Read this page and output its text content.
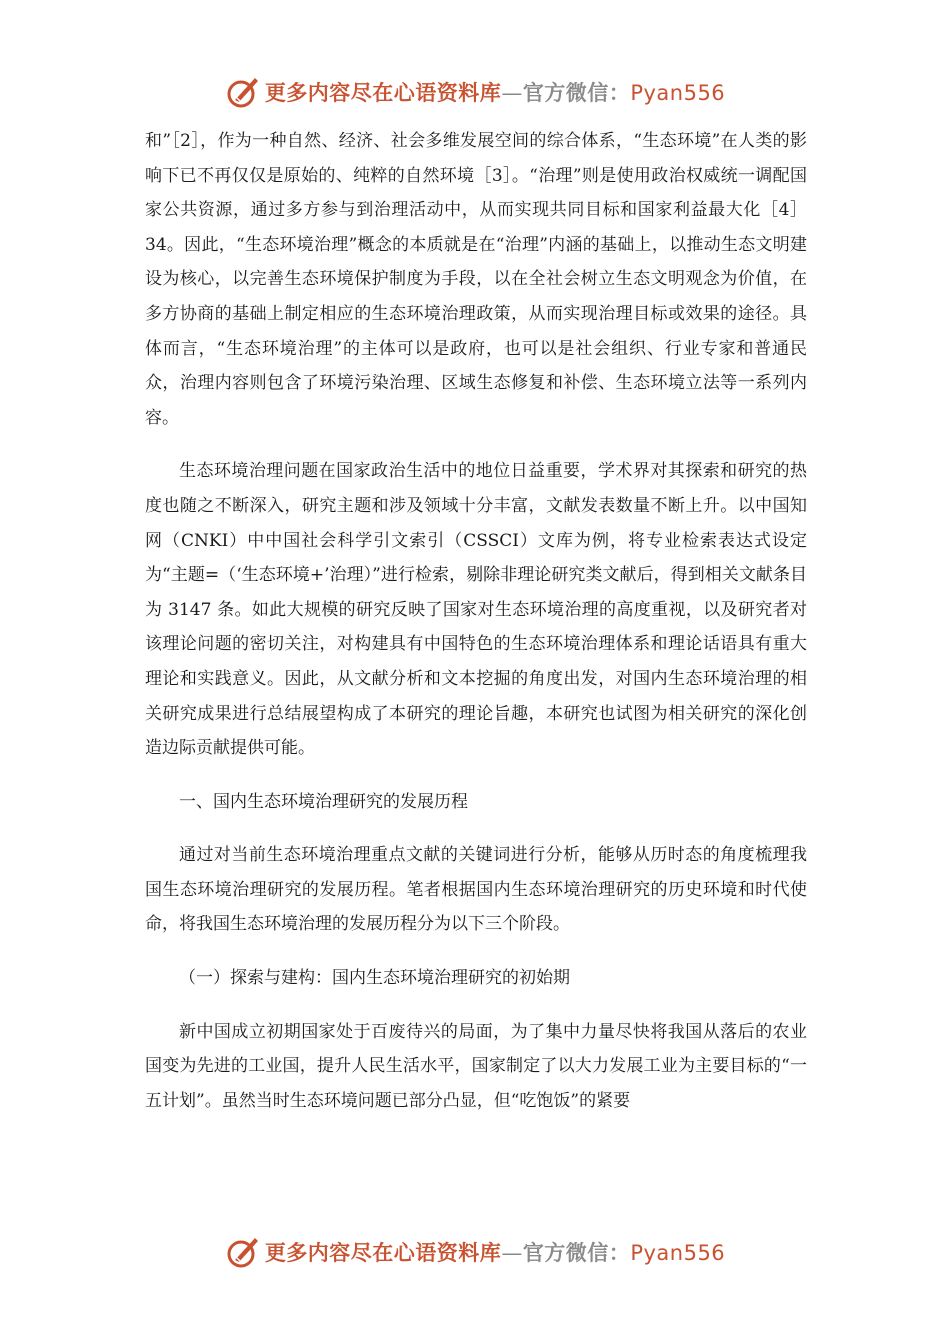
更多内容尽在心语资料库—官方微信：Pyan556

和”［2］，作为一种自然、经济、社会多维发展空间的综合体系，“生态环境”在人类的影响下已不再仅仅是原始的、纯粹的自然环境［3］。“治理”则是使用政治权威统一调配国家公共资源，通过多方参与到治理活动中，从而实现共同目标和国家利益最大化［4］34。因此，“生态环境治理”概念的本质就是在“治理”内涵的基础上，以推动生态文明建设为核心，以完善生态环境保护制度为手段，以在全社会树立生态文明观念为价值，在多方协商的基础上制定相应的生态环境治理政策，从而实现治理目标或效果的途径。具体而言，“生态环境治理”的主体可以是政府，也可以是社会组织、行业专家和普通民众，治理内容则包含了环境污染治理、区域生态修复和补偿、生态环境立法等一系列内容。

生态环境治理问题在国家政治生活中的地位日益重要，学术界对其探索和研究的热度也随之不断深入，研究主题和涉及领域十分丰富，文献发表数量不断上升。以中国知网（CNKI）中中国社会科学引文索引（CSSCI）文库为例，将专业检索表达式设定为“主题=（‘生态环境+’治理）”进行检索，剔除非理论研究类文献后，得到相关文献条目为 3147 条。如此大规模的研究反映了国家对生态环境治理的高度重视，以及研究者对该理论问题的密切关注，对构建具有中国特色的生态环境治理体系和理论话语具有重大理论和实践意义。因此，从文献分析和文本挖掘的角度出发，对国内生态环境治理的相关研究成果进行总结展望构成了本研究的理论旨趣，本研究也试图为相关研究的深化创造边际贡献提供可能。

一、国内生态环境治理研究的发展历程

通过对当前生态环境治理重点文献的关键词进行分析，能够从历时态的角度梳理我国生态环境治理研究的发展历程。笔者根据国内生态环境治理研究的历史环境和时代使命，将我国生态环境治理的发展历程分为以下三个阶段。

（一）探索与建构：国内生态环境治理研究的初始期

新中国成立初期国家处于百废待兴的局面，为了集中力量尽快将我国从落后的农业国变为先进的工业国，提升人民生活水平，国家制定了以大力发展工业为主要目标的“一五计划”。虽然当时生态环境问题已部分凸显，但“吃饱饭”的紧要

更多内容尽在心语资料库—官方微信：Pyan556
